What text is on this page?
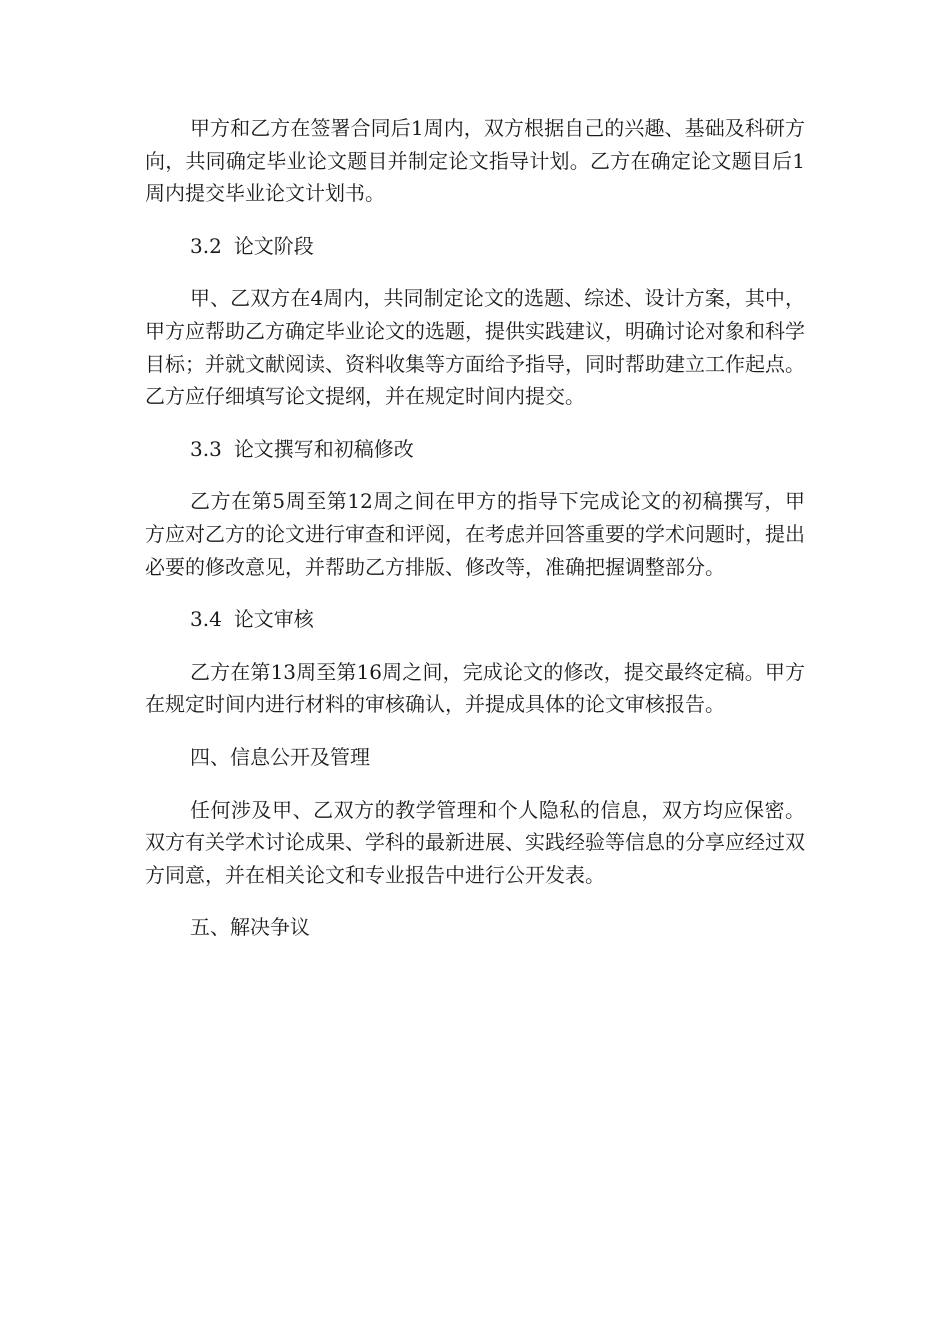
甲方和乙方在签署合同后1周内，双方根据自己的兴趣、基础及科研方向，共同确定毕业论文题目并制定论文指导计划。乙方在确定论文题目后1周内提交毕业论文计划书。

3.2 论文阶段

甲、乙双方在4周内，共同制定论文的选题、综述、设计方案，其中，甲方应帮助乙方确定毕业论文的选题，提供实践建议，明确讨论对象和科学目标；并就文献阅读、资料收集等方面给予指导，同时帮助建立工作起点。乙方应仔细填写论文提纲，并在规定时间内提交。

3.3 论文撰写和初稿修改

乙方在第5周至第12周之间在甲方的指导下完成论文的初稿撰写，甲方应对乙方的论文进行审查和评阅，在考虑并回答重要的学术问题时，提出必要的修改意见，并帮助乙方排版、修改等，准确把握调整部分。

3.4 论文审核

乙方在第13周至第16周之间，完成论文的修改，提交最终定稿。甲方在规定时间内进行材料的审核确认，并提成具体的论文审核报告。

四、信息公开及管理

任何涉及甲、乙双方的教学管理和个人隐私的信息，双方均应保密。双方有关学术讨论成果、学科的最新进展、实践经验等信息的分享应经过双方同意，并在相关论文和专业报告中进行公开发表。

五、解决争议
